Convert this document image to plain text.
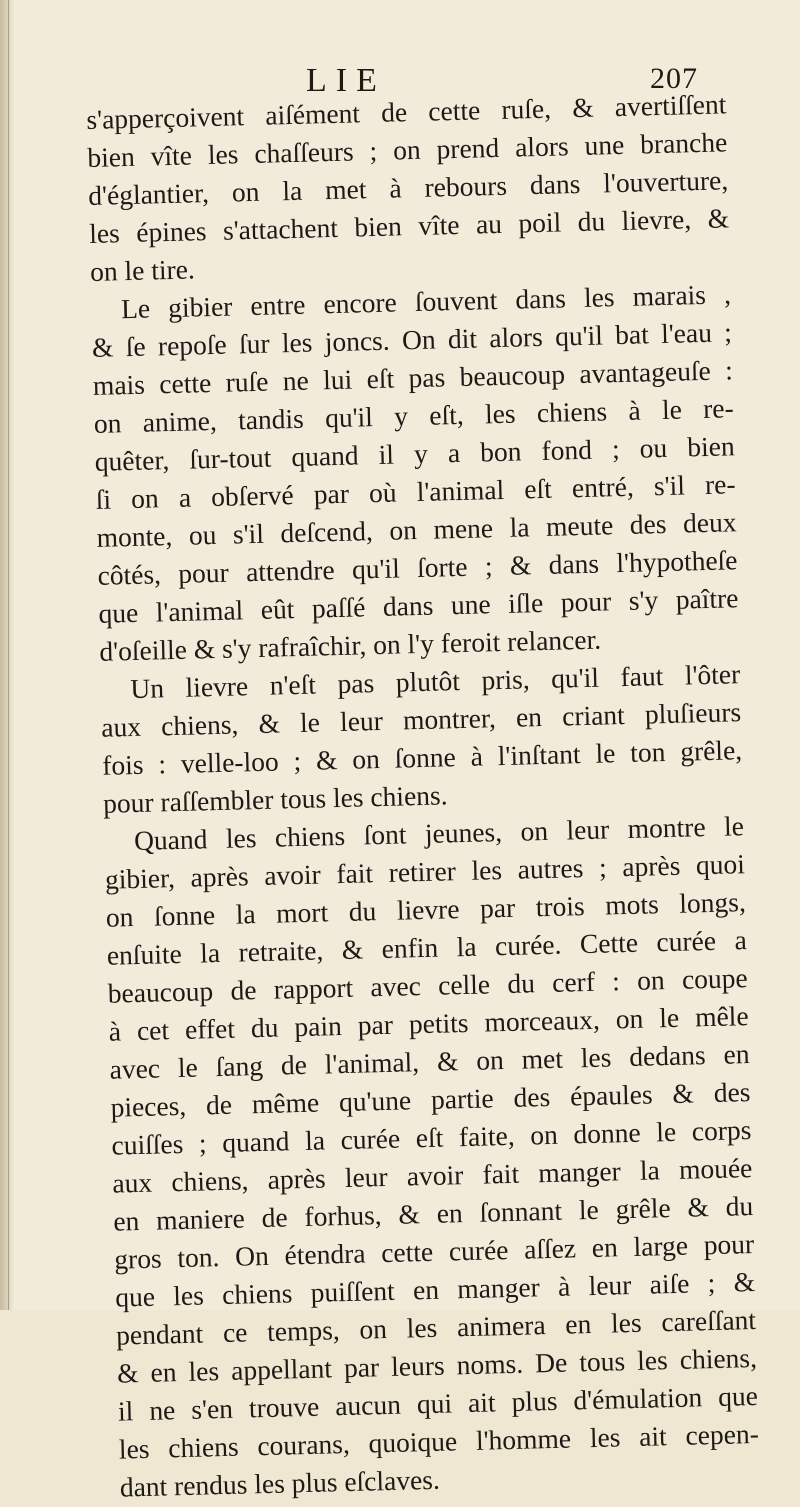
LIE	207
s'apperçoivent aiſément de cette ruſe, & avertiſſent
bien vîte les chaſſeurs ; on prend alors une branche
d'églantier, on la met à rebours dans l'ouverture,
les épines s'attachent bien vîte au poil du lievre, &
on le tire.
Le gibier entre encore ſouvent dans les marais ,
& ſe repoſe ſur les joncs. On dit alors qu'il bat l'eau ;
mais cette ruſe ne lui eſt pas beaucoup avantageuſe :
on anime, tandis qu'il y eſt, les chiens à le re-
quêter, ſur-tout quand il y a bon fond ; ou bien
ſi on a obſervé par où l'animal eſt entré, s'il re-
monte, ou s'il deſcend, on mene la meute des deux
côtés, pour attendre qu'il ſorte ; & dans l'hypotheſe
que l'animal eût paſſé dans une iſle pour s'y paître
d'oſeille & s'y rafraîchir, on l'y feroit relancer.
Un lievre n'eſt pas plutôt pris, qu'il faut l'ôter
aux chiens, & le leur montrer, en criant pluſieurs
fois : velle-loo ; & on ſonne à l'inſtant le ton grêle,
pour raſſembler tous les chiens.
Quand les chiens ſont jeunes, on leur montre le
gibier, après avoir fait retirer les autres ; après quoi
on ſonne la mort du lievre par trois mots longs,
enſuite la retraite, & enfin la curée. Cette curée a
beaucoup de rapport avec celle du cerf : on coupe
à cet effet du pain par petits morceaux, on le mêle
avec le ſang de l'animal, & on met les dedans en
pieces, de même qu'une partie des épaules & des
cuiſſes ; quand la curée eſt faite, on donne le corps
aux chiens, après leur avoir fait manger la mouée
en maniere de forhus, & en ſonnant le grêle & du
gros ton. On étendra cette curée aſſez en large pour
que les chiens puiſſent en manger à leur aiſe ; &
pendant ce temps, on les animera en les careſſant
& en les appellant par leurs noms. De tous les chiens,
il ne s'en trouve aucun qui ait plus d'émulation que
les chiens courans, quoique l'homme les ait cepen-
dant rendus les plus eſclaves.
